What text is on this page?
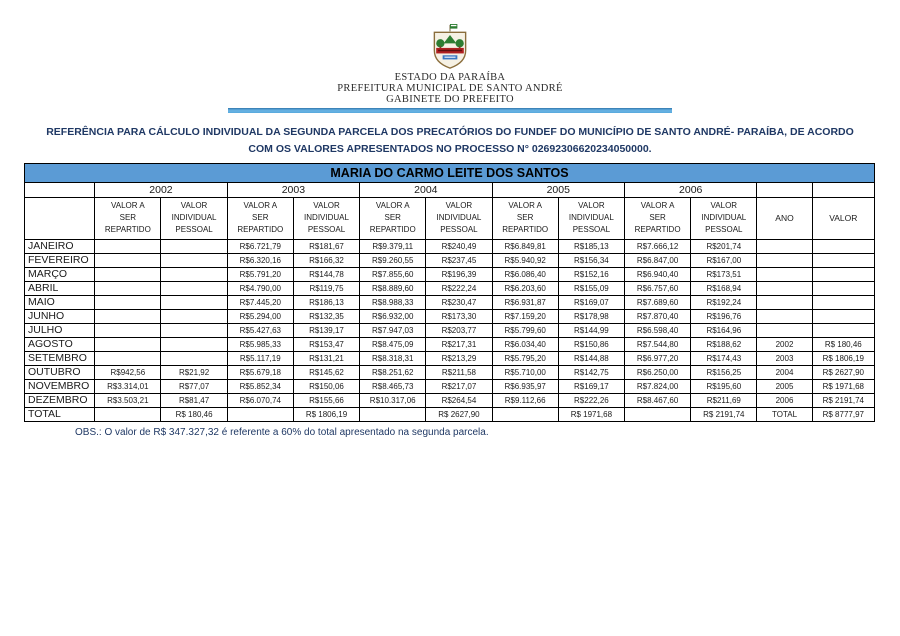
ESTADO DA PARAÍBA
PREFEITURA MUNICIPAL DE SANTO ANDRÉ
GABINETE DO PREFEITO
REFERÊNCIA PARA CÁLCULO INDIVIDUAL DA SEGUNDA PARCELA DOS PRECATÓRIOS DO FUNDEF DO MUNICÍPIO DE SANTO ANDRÉ- PARAÍBA, DE ACORDO COM OS VALORES APRESENTADOS NO PROCESSO N° 02692306620234050000.
MARIA DO CARMO LEITE DOS SANTOS												
	2002		2003		2004		2005		2006			

	VALOR A
SER
REPARTIDO	VALOR
INDIVIDUAL
PESSOAL	VALOR A
SER
REPARTIDO	VALOR
INDIVIDUAL
PESSOAL	VALOR A
SER
REPARTIDO	VALOR
INDIVIDUAL
PESSOAL	VALOR A
SER
REPARTIDO	VALOR
INDIVIDUAL
PESSOAL	VALOR A
SER
REPARTIDO	VALOR
INDIVIDUAL
PESSOAL	ANO	VALOR
JANEIRO			R$6.721,79	R$181,67	R$9.379,11	R$240,49	R$6.849,81	R$185,13	R$7.666,12	R$201,74		
FEVEREIRO			R$6.320,16	R$166,32	R$9.260,55	R$237,45	R$5.940,92	R$156,34	R$6.847,00	R$167,00		
MARÇO			R$5.791,20	R$144,78	R$7.855,60	R$196,39	R$6.086,40	R$152,16	R$6.940,40	R$173,51		
ABRIL			R$4.790,00	R$119,75	R$8.889,60	R$222,24	R$6.203,60	R$155,09	R$6.757,60	R$168,94		
MAIO			R$7.445,20	R$186,13	R$8.988,33	R$230,47	R$6.931,87	R$169,07	R$7.689,60	R$192,24		
JUNHO			R$5.294,00	R$132,35	R$6.932,00	R$173,30	R$7.159,20	R$178,98	R$7.870,40	R$196,76		
JULHO			R$5.427,63	R$139,17	R$7.947,03	R$203,77	R$5.799,60	R$144,99	R$6.598,40	R$164,96		
AGOSTO			R$5.985,33	R$153,47	R$8.475,09	R$217,31	R$6.034,40	R$150,86	R$7.544,80	R$188,62	2002	R$ 180,46
SETEMBRO			R$5.117,19	R$131,21	R$8.318,31	R$213,29	R$5.795,20	R$144,88	R$6.977,20	R$174,43	2003	R$ 1806,19
OUTUBRO	R$942,56	R$21,92	R$5.679,18	R$145,62	R$8.251,62	R$211,58	R$5.710,00	R$142,75	R$6.250,00	R$156,25	2004	R$ 2627,90
NOVEMBRO	R$3.314,01	R$77,07	R$5.852,34	R$150,06	R$8.465,73	R$217,07	R$6.935,97	R$169,17	R$7.824,00	R$195,60	2005	R$ 1971,68
DEZEMBRO	R$3.503,21	R$81,47	R$6.070,74	R$155,66	R$10.317,06	R$264,54	R$9.112,66	R$222,26	R$8.467,60	R$211,69	2006	R$ 2191,74
TOTAL		R$ 180,46		R$ 1806,19		R$ 2627,90		R$ 1971,68		R$ 2191,74	TOTAL	R$ 8777,97
OBS.: O valor de R$ 347.327,32 é referente a 60% do total apresentado na segunda parcela.
